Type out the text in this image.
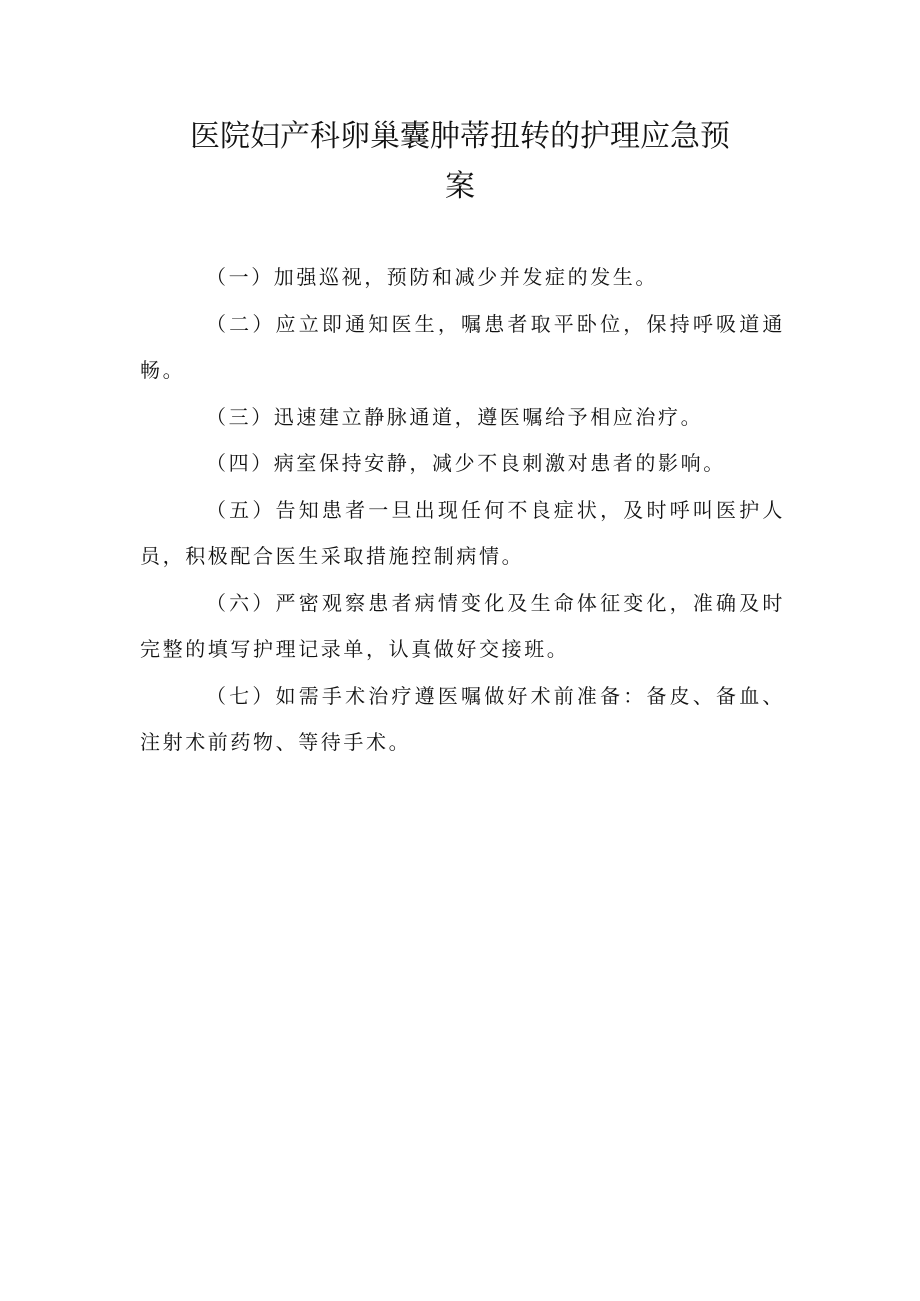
医院妇产科卵巢囊肿蒂扭转的护理应急预
案

（一）加强巡视，预防和减少并发症的发生。

（二）应立即通知医生，嘱患者取平卧位，保持呼吸道通畅。

（三）迅速建立静脉通道，遵医嘱给予相应治疗。

（四）病室保持安静，减少不良刺激对患者的影响。

（五）告知患者一旦出现任何不良症状，及时呼叫医护人员，积极配合医生采取措施控制病情。

（六）严密观察患者病情变化及生命体征变化，准确及时完整的填写护理记录单，认真做好交接班。

（七）如需手术治疗遵医嘱做好术前准备：备皮、备血、注射术前药物、等待手术。
